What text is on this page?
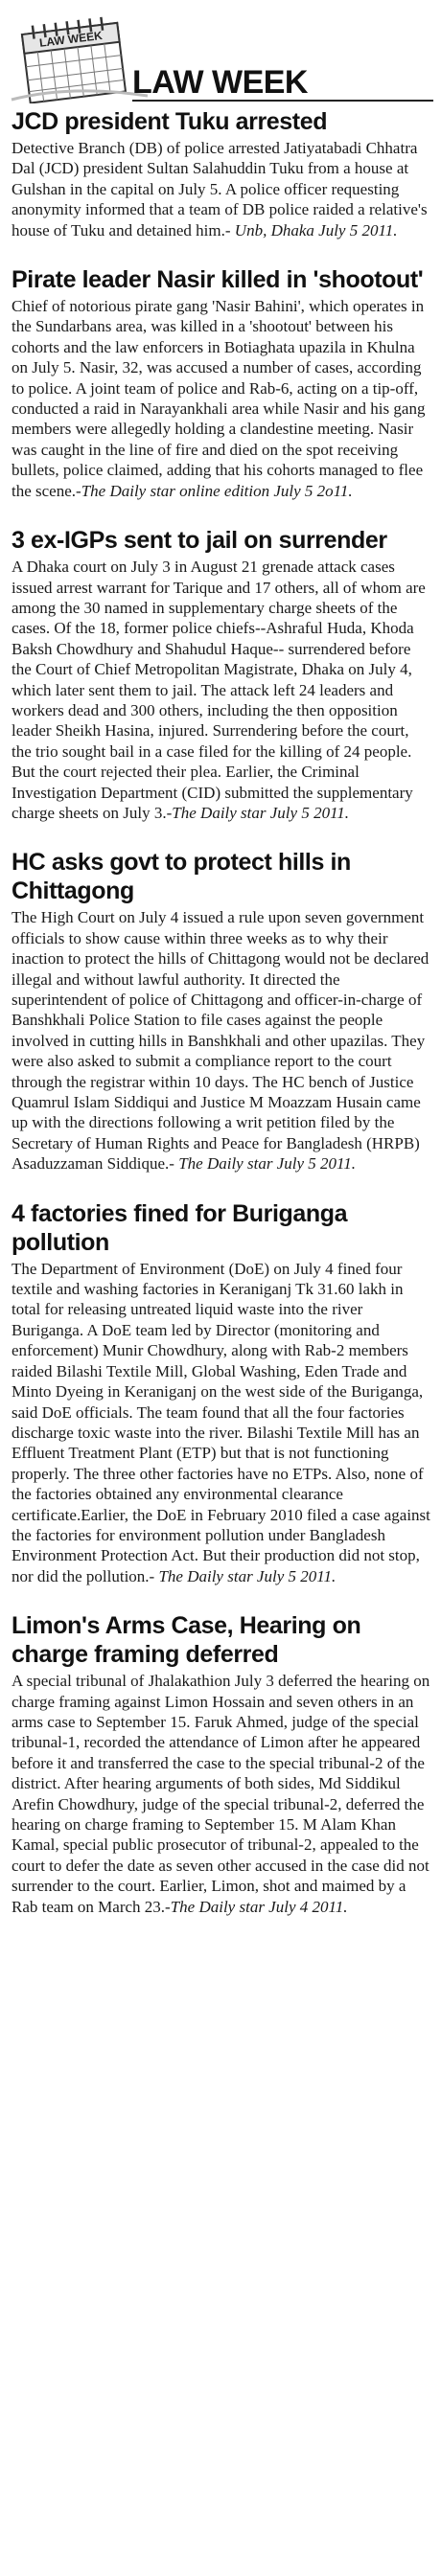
LAW WEEK
LAW WEEK
JCD president Tuku arrested

Detective Branch (DB) of police arrested Jatiyatabadi Chhatra Dal (JCD) president Sultan Salahuddin Tuku from a house at Gulshan in the capital on July 5. A police officer requesting anonymity informed that a team of DB police raided a relative's house of Tuku and detained him.- Unb, Dhaka July 5 2011.

Pirate leader Nasir killed in 'shootout'

Chief of notorious pirate gang 'Nasir Bahini', which operates in the Sundarbans area, was killed in a 'shootout' between his cohorts and the law enforcers in Botiaghata upazila in Khulna on July 5. Nasir, 32, was accused a number of cases, according to police. A joint team of police and Rab-6, acting on a tip-off, conducted a raid in Narayankhali area while Nasir and his gang members were allegedly holding a clandestine meeting. Nasir was caught in the line of fire and died on the spot receiving bullets, police claimed, adding that his cohorts managed to flee the scene.-The Daily star online edition July 5 2o11.

3 ex-IGPs sent to jail on surrender

A Dhaka court on July 3 in August 21 grenade attack cases issued arrest warrant for Tarique and 17 others, all of whom are among the 30 named in supplementary charge sheets of the cases. Of the 18, former police chiefs--Ashraful Huda, Khoda Baksh Chowdhury and Shahudul Haque-- surrendered before the Court of Chief Metropolitan Magistrate, Dhaka on July 4, which later sent them to jail. The attack left 24 leaders and workers dead and 300 others, including the then opposition leader Sheikh Hasina, injured. Surrendering before the court, the trio sought bail in a case filed for the killing of 24 people. But the court rejected their plea. Earlier, the Criminal Investigation Department (CID) submitted the supplementary charge sheets on July 3.-The Daily star July 5 2011.

HC asks govt to protect hills in Chittagong

The High Court on July 4 issued a rule upon seven government officials to show cause within three weeks as to why their inaction to protect the hills of Chittagong would not be declared illegal and without lawful authority. It directed the superintendent of police of Chittagong and officer-in-charge of Banshkhali Police Station to file cases against the people involved in cutting hills in Banshkhali and other upazilas. They were also asked to submit a compliance report to the court through the registrar within 10 days. The HC bench of Justice Quamrul Islam Siddiqui and Justice M Moazzam Husain came up with the directions following a writ petition filed by the Secretary of Human Rights and Peace for Bangladesh (HRPB) Asaduzzaman Siddique.- The Daily star July 5 2011.

4 factories fined for Buriganga pollution

The Department of Environment (DoE) on July 4 fined four textile and washing factories in Keraniganj Tk 31.60 lakh in total for releasing untreated liquid waste into the river Buriganga. A DoE team led by Director (monitoring and enforcement) Munir Chowdhury, along with Rab-2 members raided Bilashi Textile Mill, Global Washing, Eden Trade and Minto Dyeing in Keraniganj on the west side of the Buriganga, said DoE officials. The team found that all the four factories discharge toxic waste into the river. Bilashi Textile Mill has an Effluent Treatment Plant (ETP) but that is not functioning properly. The three other factories have no ETPs. Also, none of the factories obtained any environmental clearance certificate.Earlier, the DoE in February 2010 filed a case against the factories for environment pollution under Bangladesh Environment Protection Act. But their production did not stop, nor did the pollution.- The Daily star July 5 2011.

Limon's Arms Case, Hearing on charge framing deferred

A special tribunal of Jhalakathion July 3 deferred the hearing on charge framing against Limon Hossain and seven others in an arms case to September 15. Faruk Ahmed, judge of the special tribunal-1, recorded the attendance of Limon after he appeared before it and transferred the case to the special tribunal-2 of the district. After hearing arguments of both sides, Md Siddikul Arefin Chowdhury, judge of the special tribunal-2, deferred the hearing on charge framing to September 15. M Alam Khan Kamal, special public prosecutor of tribunal-2, appealed to the court to defer the date as seven other accused in the case did not surrender to the court. Earlier, Limon, shot and maimed by a Rab team on March 23.-The Daily star July 4 2011.
